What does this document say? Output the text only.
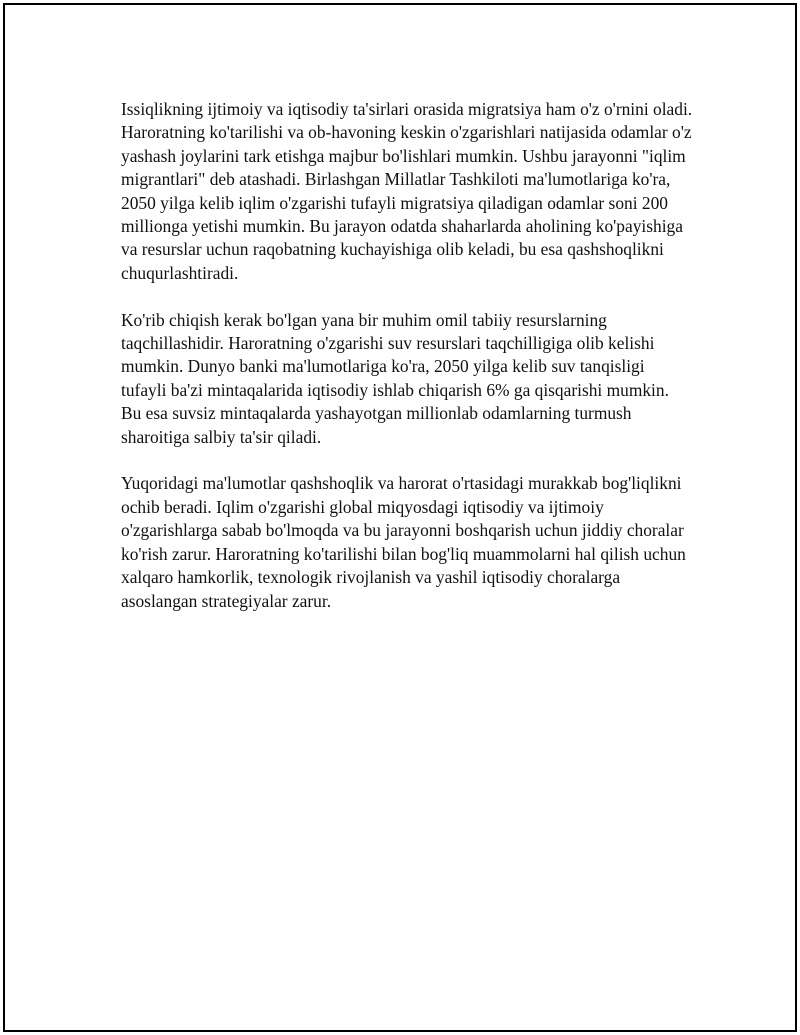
Issiqlikning ijtimoiy va iqtisodiy ta'sirlari orasida migratsiya ham o'z o'rnini oladi. Haroratning ko'tarilishi va ob-havoning keskin o'zgarishlari natijasida odamlar o'z yashash joylarini tark etishga majbur bo'lishlari mumkin. Ushbu jarayonni "iqlim migrantlari" deb atashadi. Birlashgan Millatlar Tashkiloti ma'lumotlariga ko'ra, 2050 yilga kelib iqlim o'zgarishi tufayli migratsiya qiladigan odamlar soni 200 millionga yetishi mumkin. Bu jarayon odatda shaharlarda aholining ko'payishiga va resurslar uchun raqobatning kuchayishiga olib keladi, bu esa qashshoqlikni chuqurlashtiradi.

Ko'rib chiqish kerak bo'lgan yana bir muhim omil tabiiy resurslarning taqchillashidir. Haroratning o'zgarishi suv resurslari taqchilligiga olib kelishi mumkin. Dunyo banki ma'lumotlariga ko'ra, 2050 yilga kelib suv tanqisligi tufayli ba'zi mintaqalarida iqtisodiy ishlab chiqarish 6% ga qisqarishi mumkin. Bu esa suvsiz mintaqalarda yashayotgan millionlab odamlarning turmush sharoitiga salbiy ta'sir qiladi.

Yuqoridagi ma'lumotlar qashshoqlik va harorat o'rtasidagi murakkab bog'liqlikni ochib beradi. Iqlim o'zgarishi global miqyosdagi iqtisodiy va ijtimoiy o'zgarishlarga sabab bo'lmoqda va bu jarayonni boshqarish uchun jiddiy choralar ko'rish zarur. Haroratning ko'tarilishi bilan bog'liq muammolarni hal qilish uchun xalqaro hamkorlik, texnologik rivojlanish va yashil iqtisodiy choralarga asoslangan strategiyalar zarur.
